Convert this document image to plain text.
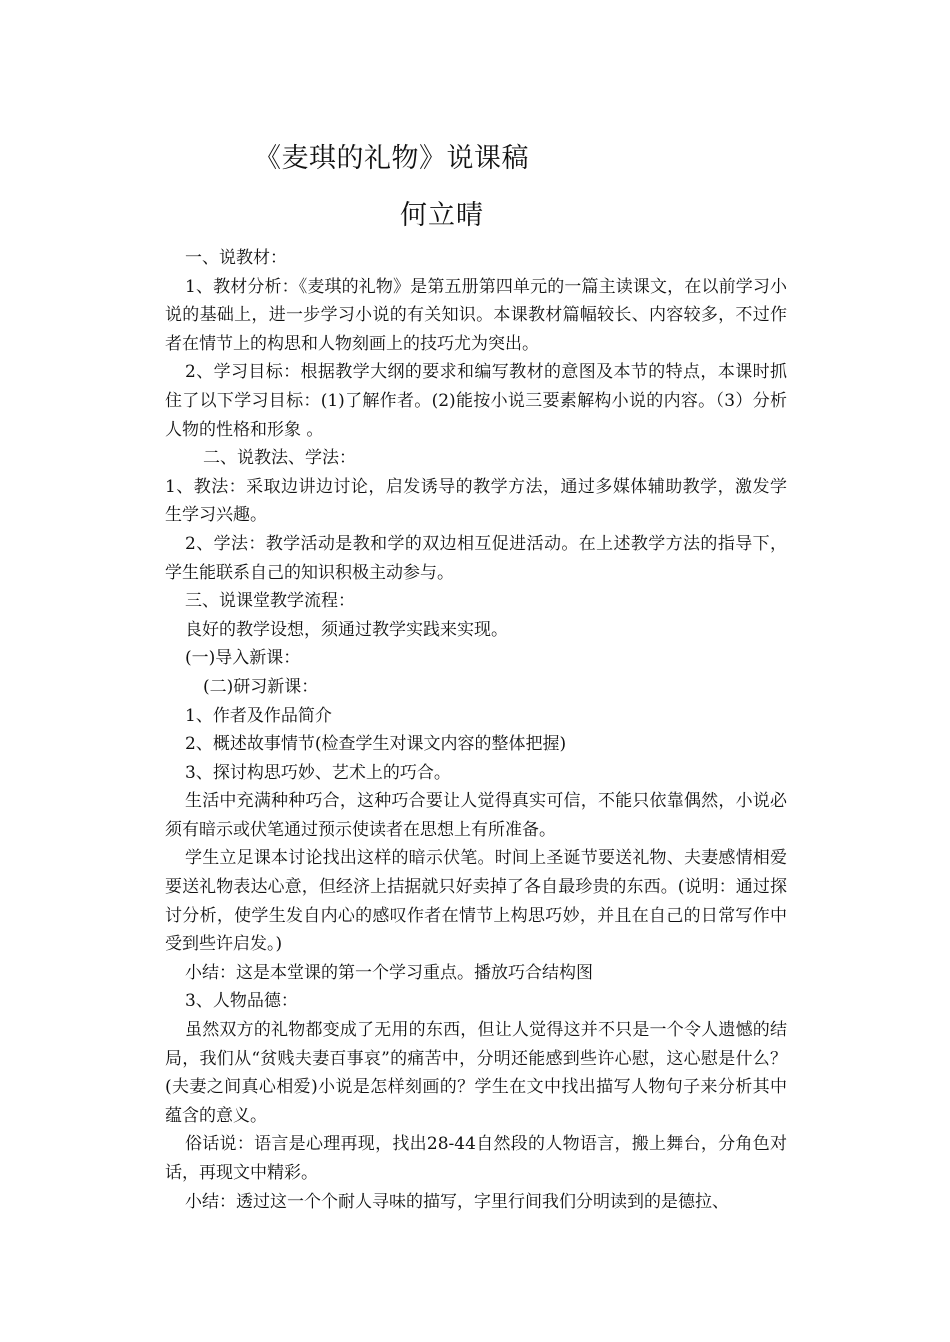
《麦琪的礼物》说课稿
何立晴

一、说教材：

1、教材分析：《麦琪的礼物》是第五册第四单元的一篇主读课文，在以前学习小说的基础上，进一步学习小说的有关知识。本课教材篇幅较长、内容较多，不过作者在情节上的构思和人物刻画上的技巧尤为突出。

2、学习目标：根据教学大纲的要求和编写教材的意图及本节的特点，本课时抓住了以下学习目标：(1)了解作者。(2)能按小说三要素解构小说的内容。（3）分析人物的性格和形象 。

二、说教法、学法：

1、教法：采取边讲边讨论，启发诱导的教学方法，通过多媒体辅助教学，激发学生学习兴趣。

2、学法：教学活动是教和学的双边相互促进活动。在上述教学方法的指导下，学生能联系自己的知识积极主动参与。

三、说课堂教学流程：

良好的教学设想，须通过教学实践来实现。

(一)导入新课：

(二)研习新课：

1、作者及作品简介

2、概述故事情节(检查学生对课文内容的整体把握)

3、探讨构思巧妙、艺术上的巧合。

生活中充满种种巧合，这种巧合要让人觉得真实可信，不能只依靠偶然，小说必须有暗示或伏笔通过预示使读者在思想上有所准备。

学生立足课本讨论找出这样的暗示伏笔。时间上圣诞节要送礼物、夫妻感情相爱要送礼物表达心意，但经济上拮据就只好卖掉了各自最珍贵的东西。(说明：通过探讨分析，使学生发自内心的感叹作者在情节上构思巧妙，并且在自己的日常写作中受到些许启发。)

小结：这是本堂课的第一个学习重点。播放巧合结构图

3、人物品德：

虽然双方的礼物都变成了无用的东西，但让人觉得这并不只是一个令人遗憾的结局，我们从“贫贱夫妻百事哀”的痛苦中，分明还能感到些许心慰，这心慰是什么？(夫妻之间真心相爱)小说是怎样刻画的？学生在文中找出描写人物句子来分析其中蕴含的意义。

俗话说：语言是心理再现，找出28-44自然段的人物语言，搬上舞台，分角色对话，再现文中精彩。

小结：透过这一个个耐人寻味的描写，字里行间我们分明读到的是德拉、
